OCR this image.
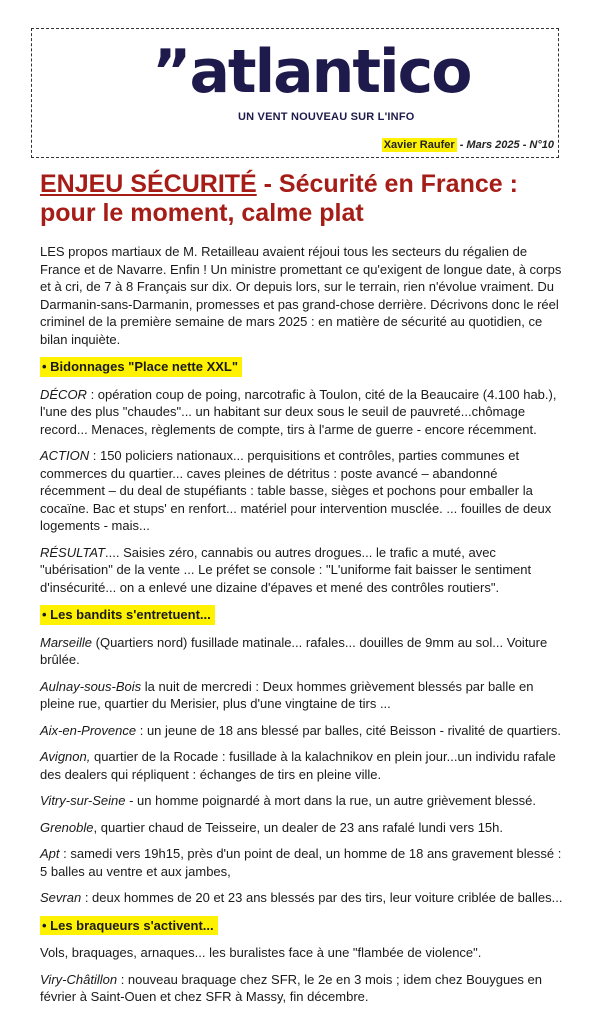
”atlantico
UN VENT NOUVEAU SUR L'INFO
Xavier Raufer - Mars 2025 - N°10
ENJEU SÉCURITÉ - Sécurité en France : pour le moment, calme plat

LES propos martiaux de M. Retailleau avaient réjoui tous les secteurs du régalien de France et de Navarre. Enfin ! Un ministre promettant ce qu'exigent de longue date, à corps et à cri, de 7 à 8 Français sur dix. Or depuis lors, sur le terrain, rien n'évolue vraiment. Du Darmanin-sans-Darmanin, promesses et pas grand-chose derrière. Décrivons donc le réel criminel de la première semaine de mars 2025 : en matière de sécurité au quotidien, ce bilan inquiète.

• Bidonnages "Place nette XXL"

DÉCOR : opération coup de poing, narcotrafic à Toulon, cité de la Beaucaire (4.100 hab.), l'une des plus "chaudes"... un habitant sur deux sous le seuil de pauvreté...chômage record... Menaces, règlements de compte, tirs à l'arme de guerre - encore récemment.

ACTION : 150 policiers nationaux... perquisitions et contrôles, parties communes et commerces du quartier... caves pleines de détritus : poste avancé – abandonné récemment – du deal de stupéfiants : table basse, sièges et pochons pour emballer la cocaïne. Bac et stups' en renfort... matériel pour intervention musclée. ... fouilles de deux logements - mais...

RÉSULTAT.... Saisies zéro, cannabis ou autres drogues... le trafic a muté, avec "ubérisation" de la vente ... Le préfet se console : "L'uniforme fait baisser le sentiment d'insécurité... on a enlevé une dizaine d'épaves et mené des contrôles routiers".

• Les bandits s'entretuent...

Marseille (Quartiers nord) fusillade matinale... rafales... douilles de 9mm au sol... Voiture brûlée.

Aulnay-sous-Bois la nuit de mercredi : Deux hommes grièvement blessés par balle en pleine rue, quartier du Merisier, plus d'une vingtaine de tirs ...

Aix-en-Provence : un jeune de 18 ans blessé par balles, cité Beisson - rivalité de quartiers.

Avignon, quartier de la Rocade : fusillade à la kalachnikov en plein jour...un individu rafale des dealers qui répliquent : échanges de tirs en pleine ville.

Vitry-sur-Seine - un homme poignardé à mort dans la rue, un autre grièvement blessé.

Grenoble, quartier chaud de Teisseire, un dealer de 23 ans rafalé lundi vers 15h.

Apt : samedi vers 19h15, près d'un point de deal, un homme de 18 ans gravement blessé : 5 balles au ventre et aux jambes,

Sevran : deux hommes de 20 et 23 ans blessés par des tirs, leur voiture criblée de balles...

• Les braqueurs s'activent...

Vols, braquages, arnaques... les buralistes face à une "flambée de violence".

Viry-Châtillon : nouveau braquage chez SFR, le 2e en 3 mois ; idem chez Bouygues en février à Saint-Ouen et chez SFR à Massy, fin décembre.
